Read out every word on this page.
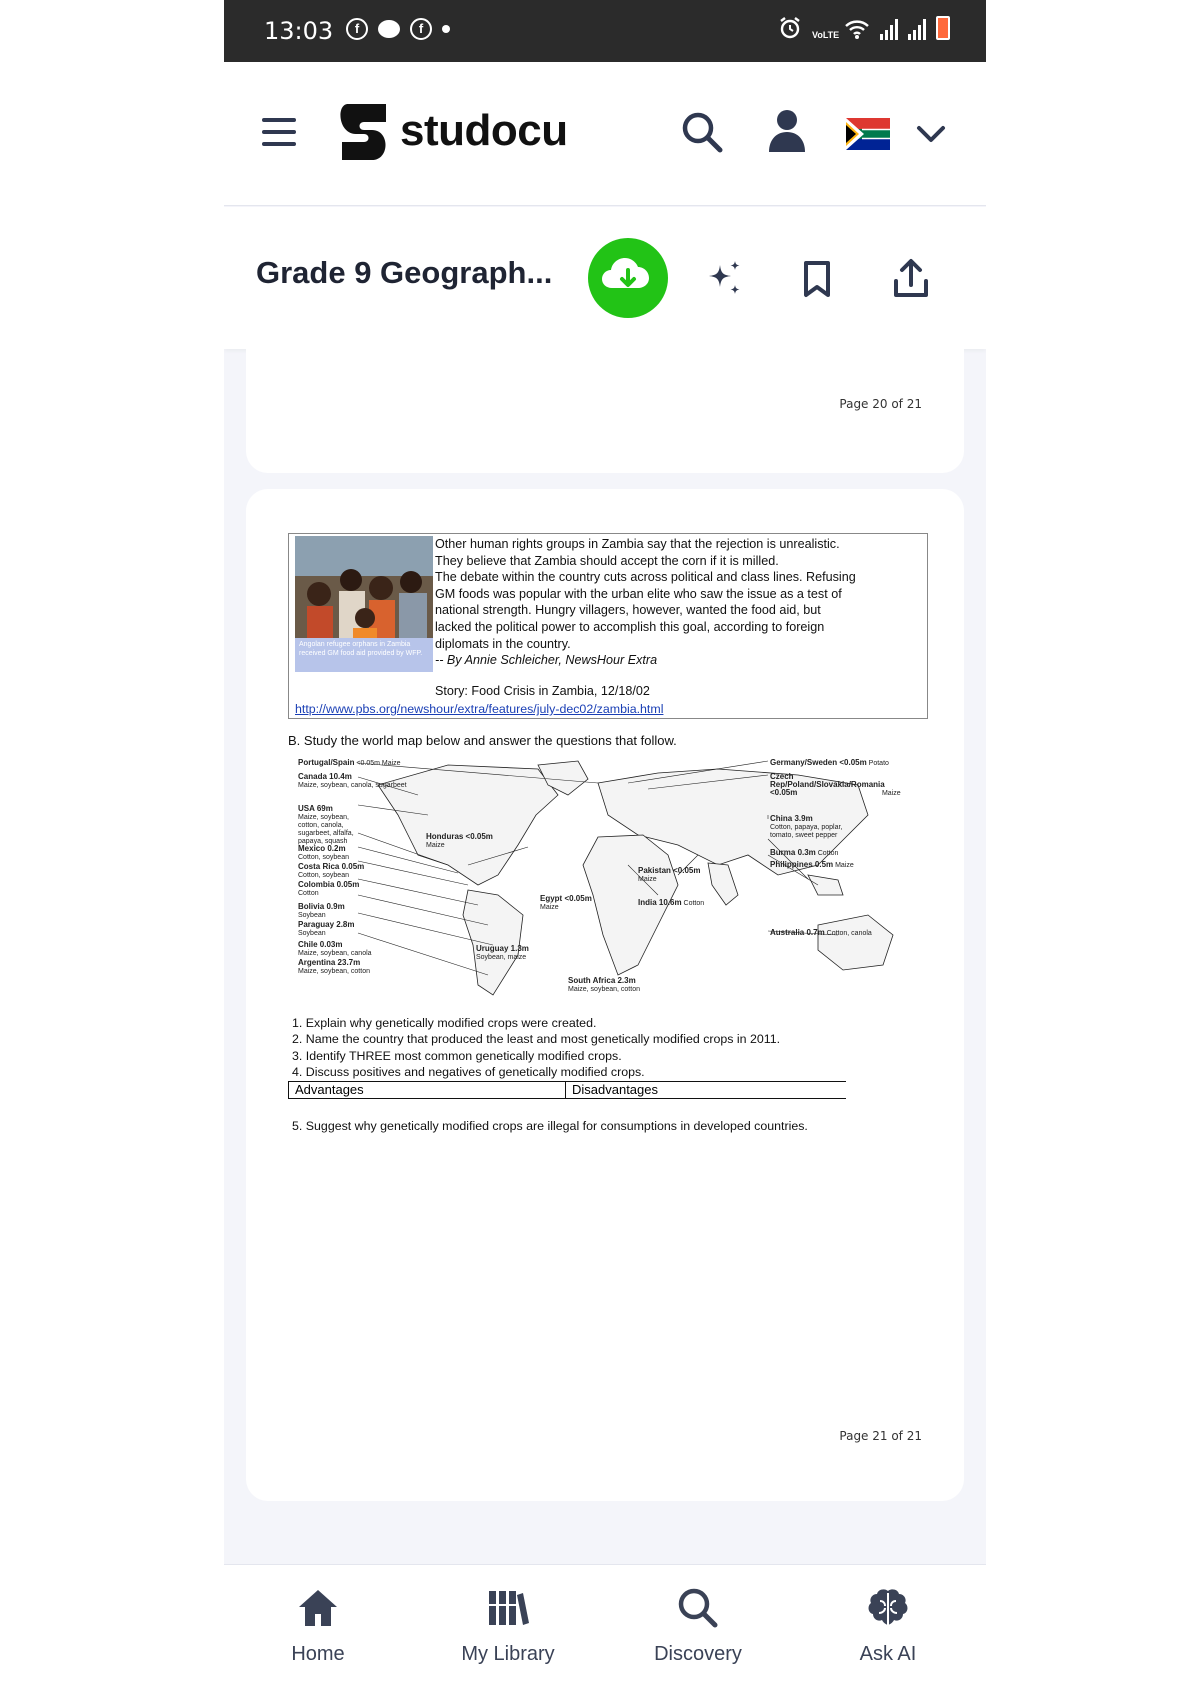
13:03	f	f	VoLTE
studocu
Grade 9 Geograph...
Page 20 of 21
Angolan refugee orphans in Zambia received GM food aid provided by WFP.

Other human rights groups in Zambia say that the rejection is unrealistic.

They believe that Zambia should accept the corn if it is milled.

The debate within the country cuts across political and class lines. Refusing

GM foods was popular with the urban elite who saw the issue as a test of

national strength. Hungry villagers, however, wanted the food aid, but

lacked the political power to accomplish this goal, according to foreign

diplomats in the country.

-- By Annie Schleicher, NewsHour Extra

Story: Food Crisis in Zambia, 12/18/02
http://www.pbs.org/newshour/extra/features/july-dec02/zambia.html
B. Study the world map below and answer the questions that follow.
Portugal/Spain <0.05m Maize
Canada 10.4m
Maize, soybean, canola, sugarbeet
USA 69m
Maize, soybean, cotton, canola, sugarbeet, alfalfa, papaya, squash
Mexico 0.2m
Cotton, soybean
Costa Rica 0.05m
Cotton, soybean
Colombia 0.05m
Cotton
Bolivia 0.9m
Soybean
Paraguay 2.8m
Soybean
Chile 0.03m
Maize, soybean, canola
Argentina 23.7m
Maize, soybean, cotton
Honduras <0.05m
Maize
Uruguay 1.3m
Soybean, maize
Egypt <0.05m
Maize
South Africa 2.3m
Maize, soybean, cotton
Pakistan <0.05m
Maize
India 10.6m Cotton
Germany/Sweden <0.05m Potato
Czech Rep/Poland/Slovakia/Romania <0.05m	Maize
China 3.9m
Cotton, papaya, poplar, tomato, sweet pepper
Burma 0.3m Cotton
Philippines 0.5m Maize
Australia 0.7m Cotton, canola
1. Explain why genetically modified crops were created.
2. Name the country that produced the least and most genetically modified crops in 2011.
3. Identify THREE most common genetically modified crops.
4. Discuss positives and negatives of genetically modified crops.
Advantages	Disadvantages
5. Suggest why genetically modified crops are illegal for consumptions in developed countries.
Page 21 of 21
Home	My Library	Discovery	Ask AI
